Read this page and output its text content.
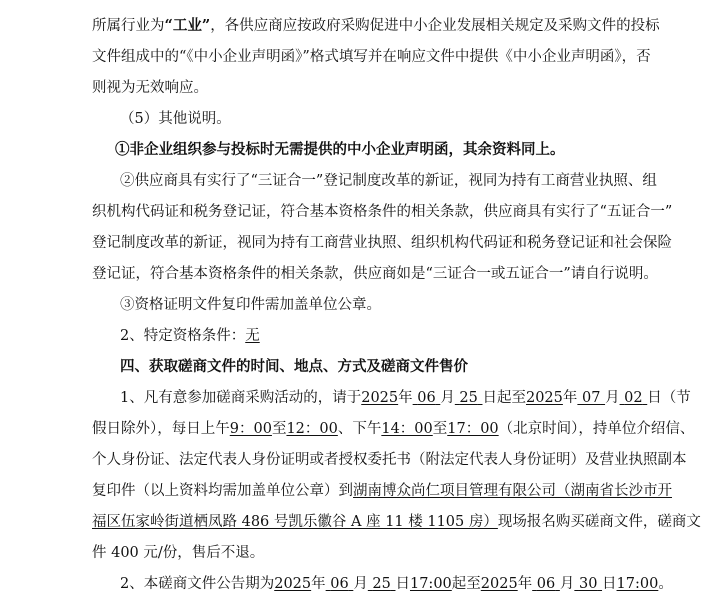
所属行业为“工业”，各供应商应按政府采购促进中小企业发展相关规定及采购文件的投标
文件组成中的“《中小企业声明函》”格式填写并在响应文件中提供《中小企业声明函》，否
则视为无效响应。
（5）其他说明。
①非企业组织参与投标时无需提供的中小企业声明函，其余资料同上。
②供应商具有实行了“三证合一”登记制度改革的新证，视同为持有工商营业执照、组
织机构代码证和税务登记证，符合基本资格条件的相关条款，供应商具有实行了“五证合一”
登记制度改革的新证，视同为持有工商营业执照、组织机构代码证和税务登记证和社会保险
登记证，符合基本资格条件的相关条款，供应商如是“三证合一或五证合一”请自行说明。
③资格证明文件复印件需加盖单位公章。
2、特定资格条件：无
四、获取磋商文件的时间、地点、方式及磋商文件售价
1、凡有意参加磋商采购活动的，请于2025年 06 月 25 日起至2025年 07 月 02 日（节
假日除外），每日上午9：00至12：00、下午14：00至17：00（北京时间），持单位介绍信、
个人身份证、法定代表人身份证明或者授权委托书（附法定代表人身份证明）及营业执照副本
复印件（以上资料均需加盖单位公章）到湖南博众尚仁项目管理有限公司（湖南省长沙市开
福区伍家岭街道栖凤路 486 号凯乐徽谷 A 座 11 楼 1105 房）现场报名购买磋商文件，磋商文
件 400 元/份，售后不退。
2、本磋商文件公告期为2025年 06 月 25 日17:00起至2025年 06 月 30 日17:00。
